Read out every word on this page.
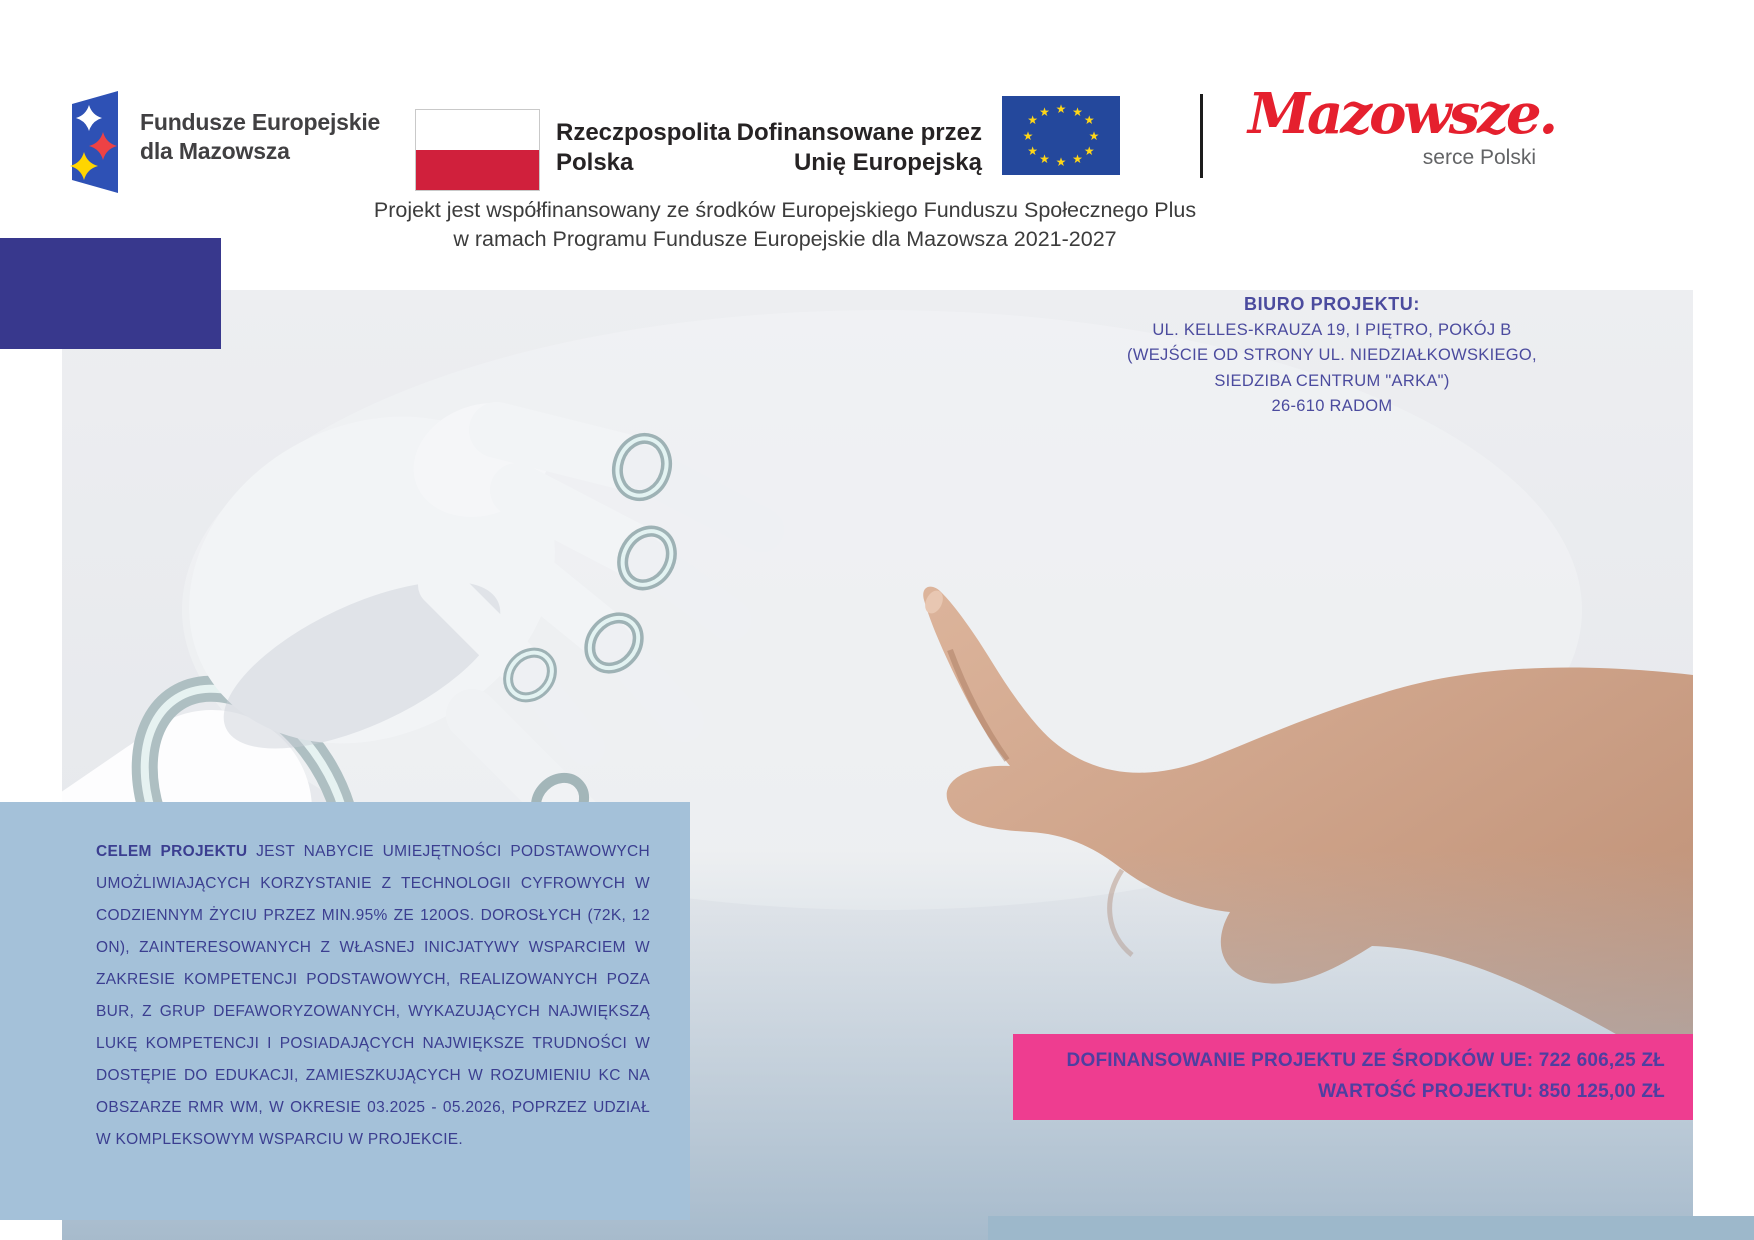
Fundusze Europejskie
dla Mazowsza
Rzeczpospolita
Polska
Dofinansowane przez
Unię Europejską
★ ★
★
★
★
★
★
★
★
★
★
★	Mazowsze.
serce Polski
Projekt jest współfinansowany ze środków Europejskiego Funduszu Społecznego Plus
w ramach Programu Fundusze Europejskie dla Mazowsza 2021-2027
BIURO PROJEKTU:
UL. KELLES-KRAUZA 19, I PIĘTRO, POKÓJ B
(WEJŚCIE OD STRONY UL. NIEDZIAŁKOWSKIEGO,
SIEDZIBA CENTRUM "ARKA")
26-610 RADOM
CELEM PROJEKTU JEST NABYCIE UMIEJĘTNOŚCI PODSTAWOWYCH UMOŻLIWIAJĄCYCH KORZYSTANIE Z TECHNOLOGII CYFROWYCH W CODZIENNYM ŻYCIU PRZEZ MIN.95% ZE 120OS. DOROSŁYCH (72K, 12 ON), ZAINTERESOWANYCH Z WŁASNEJ INICJATYWY WSPARCIEM W ZAKRESIE KOMPETENCJI PODSTAWOWYCH, REALIZOWANYCH POZA BUR, Z GRUP DEFAWORYZOWANYCH, WYKAZUJĄCYCH NAJWIĘKSZĄ LUKĘ KOMPETENCJI I POSIADAJĄCYCH NAJWIĘKSZE TRUDNOŚCI W DOSTĘPIE DO EDUKACJI, ZAMIESZKUJĄCYCH W ROZUMIENIU KC NA OBSZARZE RMR WM, W OKRESIE 03.2025 - 05.2026, POPRZEZ UDZIAŁ W KOMPLEKSOWYM WSPARCIU W PROJEKCIE.
DOFINANSOWANIE PROJEKTU ZE ŚRODKÓW UE: 722 606,25 ZŁ
WARTOŚĆ PROJEKTU: 850 125,00 ZŁ
